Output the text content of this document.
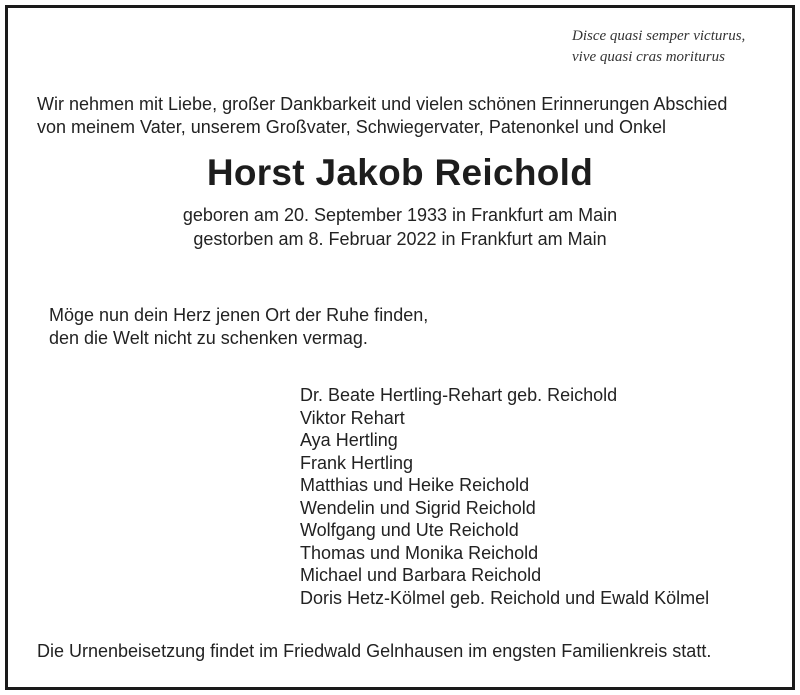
Disce quasi semper victurus,
vive quasi cras moriturus
Wir nehmen mit Liebe, großer Dankbarkeit und vielen schönen Erinnerungen Abschied
von meinem Vater, unserem Großvater, Schwiegervater, Patenonkel und Onkel
Horst Jakob Reichold
geboren am 20. September 1933 in Frankfurt am Main
gestorben am 8. Februar 2022 in Frankfurt am Main
Möge nun dein Herz jenen Ort der Ruhe finden,
den die Welt nicht zu schenken vermag.
Dr. Beate Hertling-Rehart geb. Reichold
Viktor Rehart
Aya Hertling
Frank Hertling
Matthias und Heike Reichold
Wendelin und Sigrid Reichold
Wolfgang und Ute Reichold
Thomas und Monika Reichold
Michael und Barbara Reichold
Doris Hetz-Kölmel geb. Reichold und Ewald Kölmel
Die Urnenbeisetzung findet im Friedwald Gelnhausen im engsten Familienkreis statt.
